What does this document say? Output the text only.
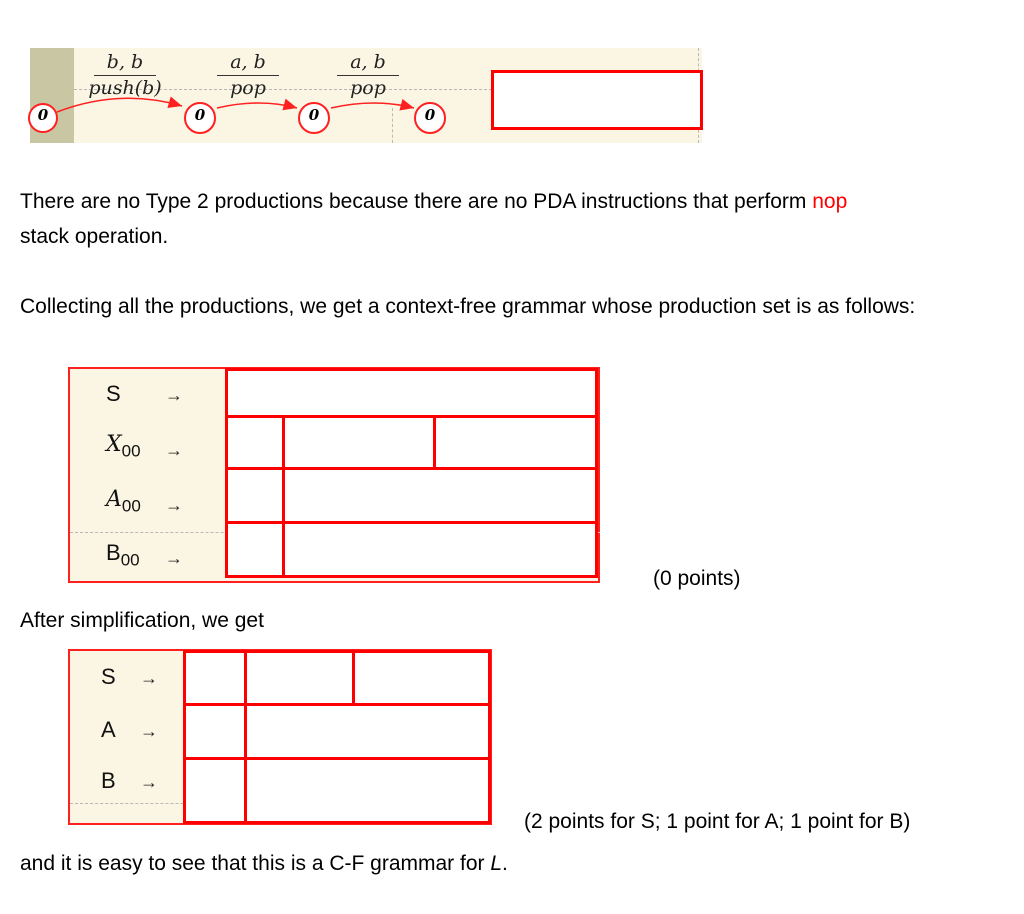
0	0	0	0
b, b
push(b)
a, b
pop
a, b
pop

There are no Type 2 productions because there are no PDA instructions that perform nop
stack operation.

Collecting all the productions, we get a context-free grammar whose production set is as follows:

S →
$X_{00}$ →
$A_{00}$ →
$B_{00}$ →
(0 points)

After simplification, we get

S →
A →
B →
(2 points for S; 1 point for A; 1 point for B)

and it is easy to see that this is a C-F grammar for L.
